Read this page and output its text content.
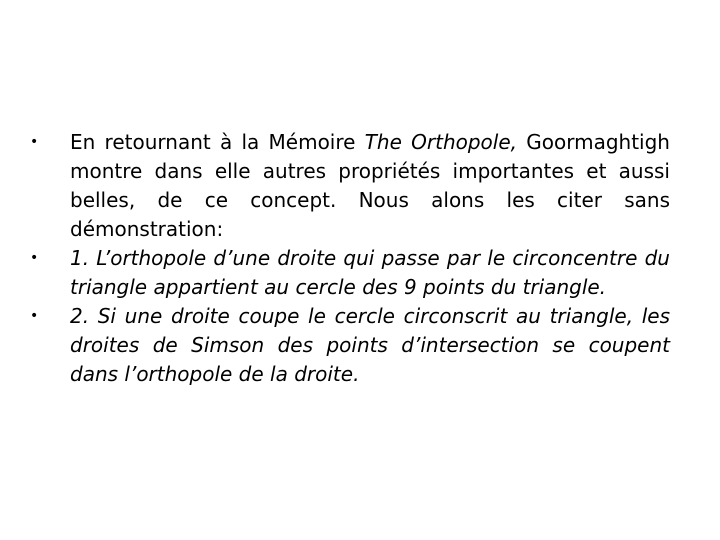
•	En retournant à la Mémoire The Orthopole, Goormaghtigh montre dans elle autres propriétés importantes et aussi belles, de ce concept. Nous alons les citer sans démonstration:
•	1. L’orthopole d’une droite qui passe par le circoncentre du triangle appartient au cercle des 9 points du triangle.
•	2. Si une droite coupe le cercle circonscrit au triangle, les droites de Simson des points d’intersection se coupent dans l’orthopole de la droite.
